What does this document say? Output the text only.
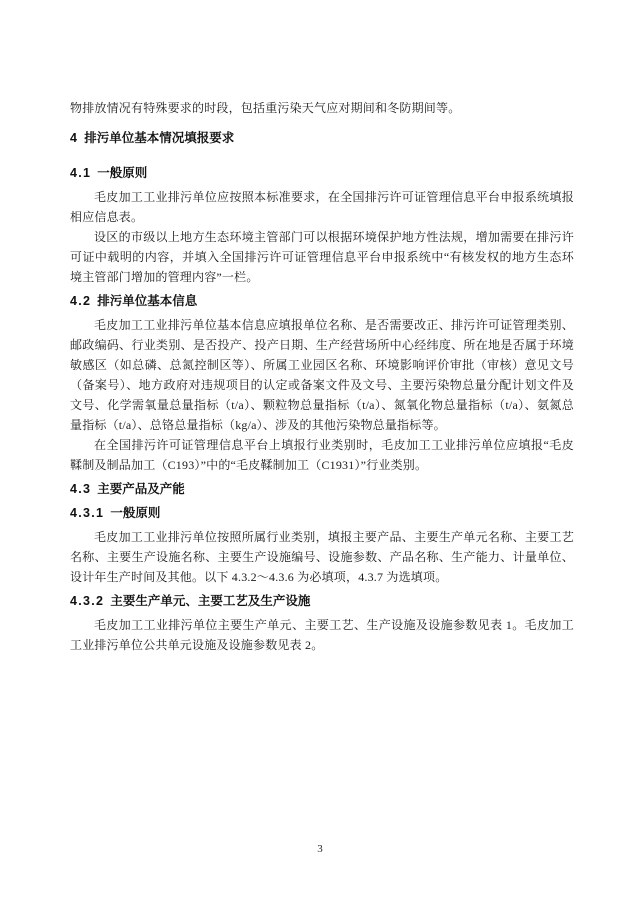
物排放情况有特殊要求的时段，包括重污染天气应对期间和冬防期间等。

4 排污单位基本情况填报要求
4.1 一般原则

毛皮加工工业排污单位应按照本标准要求，在全国排污许可证管理信息平台申报系统填报相应信息表。

设区的市级以上地方生态环境主管部门可以根据环境保护地方性法规，增加需要在排污许可证中载明的内容，并填入全国排污许可证管理信息平台申报系统中“有核发权的地方生态环境主管部门增加的管理内容”一栏。

4.2 排污单位基本信息

毛皮加工工业排污单位基本信息应填报单位名称、是否需要改正、排污许可证管理类别、邮政编码、行业类别、是否投产、投产日期、生产经营场所中心经纬度、所在地是否属于环境敏感区（如总磷、总氮控制区等）、所属工业园区名称、环境影响评价审批（审核）意见文号（备案号）、地方政府对违规项目的认定或备案文件及文号、主要污染物总量分配计划文件及文号、化学需氧量总量指标（t/a）、颗粒物总量指标（t/a）、氮氧化物总量指标（t/a）、氨氮总量指标（t/a）、总铬总量指标（kg/a）、涉及的其他污染物总量指标等。

在全国排污许可证管理信息平台上填报行业类别时，毛皮加工工业排污单位应填报“毛皮鞣制及制品加工（C193）”中的“毛皮鞣制加工（C1931）”行业类别。

4.3 主要产品及产能
4.3.1 一般原则

毛皮加工工业排污单位按照所属行业类别，填报主要产品、主要生产单元名称、主要工艺名称、主要生产设施名称、主要生产设施编号、设施参数、产品名称、生产能力、计量单位、设计年生产时间及其他。以下 4.3.2～4.3.6 为必填项，4.3.7 为选填项。

4.3.2 主要生产单元、主要工艺及生产设施

毛皮加工工业排污单位主要生产单元、主要工艺、生产设施及设施参数见表 1。毛皮加工工业排污单位公共单元设施及设施参数见表 2。

3
